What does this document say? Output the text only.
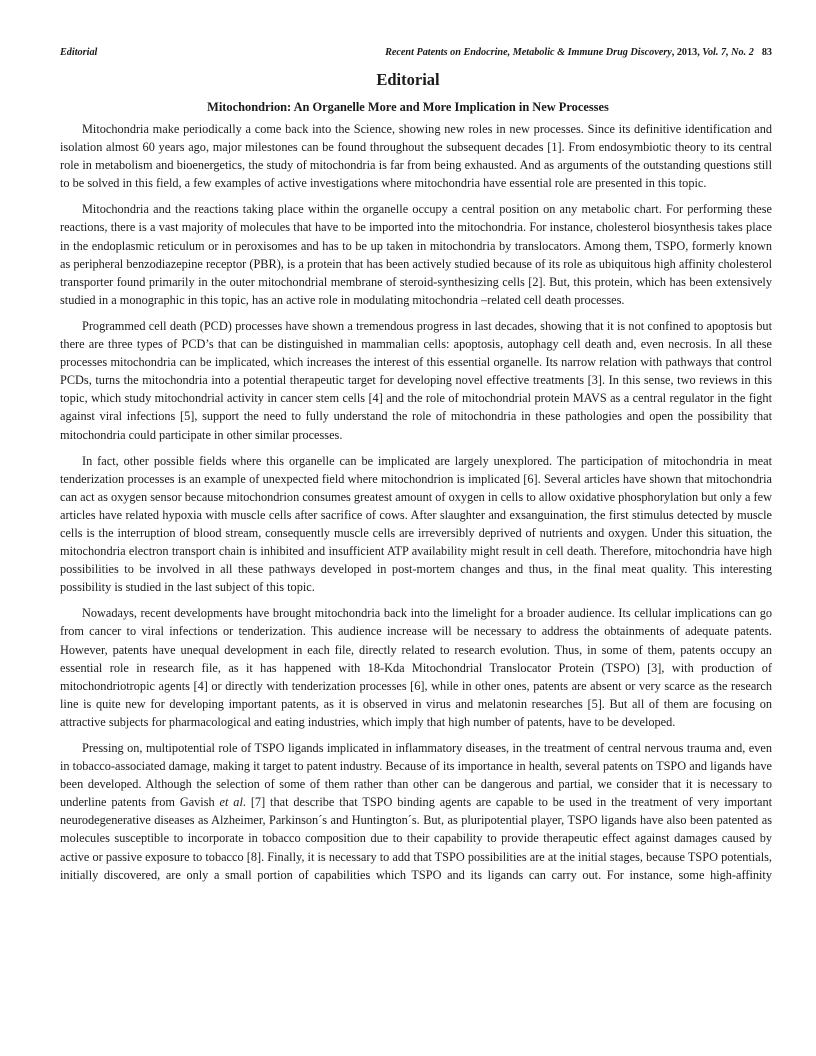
Editorial	Recent Patents on Endocrine, Metabolic & Immune Drug Discovery, 2013, Vol. 7, No. 2 83
Editorial
Mitochondrion: An Organelle More and More Implication in New Processes

Mitochondria make periodically a come back into the Science, showing new roles in new processes. Since its definitive identification and isolation almost 60 years ago, major milestones can be found throughout the subsequent decades [1]. From endosymbiotic theory to its central role in metabolism and bioenergetics, the study of mitochondria is far from being exhausted. And as arguments of the outstanding questions still to be solved in this field, a few examples of active investigations where mitochondria have essential role are presented in this topic.

Mitochondria and the reactions taking place within the organelle occupy a central position on any metabolic chart. For performing these reactions, there is a vast majority of molecules that have to be imported into the mitochondria. For instance, cholesterol biosynthesis takes place in the endoplasmic reticulum or in peroxisomes and has to be up taken in mitochondria by translocators. Among them, TSPO, formerly known as peripheral benzodiazepine receptor (PBR), is a protein that has been actively studied because of its role as ubiquitous high affinity cholesterol transporter found primarily in the outer mitochondrial membrane of steroid-synthesizing cells [2]. But, this protein, which has been extensively studied in a monographic in this topic, has an active role in modulating mitochondria –related cell death processes.

Programmed cell death (PCD) processes have shown a tremendous progress in last decades, showing that it is not confined to apoptosis but there are three types of PCD’s that can be distinguished in mammalian cells: apoptosis, autophagy cell death and, even necrosis. In all these processes mitochondria can be implicated, which increases the interest of this essential organelle. Its narrow relation with pathways that control PCDs, turns the mitochondria into a potential therapeutic target for developing novel effective treatments [3]. In this sense, two reviews in this topic, which study mitochondrial activity in cancer stem cells [4] and the role of mitochondrial protein MAVS as a central regulator in the fight against viral infections [5], support the need to fully understand the role of mitochondria in these pathologies and open the possibility that mitochondria could participate in other similar processes.

In fact, other possible fields where this organelle can be implicated are largely unexplored. The participation of mitochondria in meat tenderization processes is an example of unexpected field where mitochondrion is implicated [6]. Several articles have shown that mitochondria can act as oxygen sensor because mitochondrion consumes greatest amount of oxygen in cells to allow oxidative phosphorylation but only a few articles have related hypoxia with muscle cells after sacrifice of cows. After slaughter and exsanguination, the first stimulus detected by muscle cells is the interruption of blood stream, consequently muscle cells are irreversibly deprived of nutrients and oxygen. Under this situation, the mitochondria electron transport chain is inhibited and insufficient ATP availability might result in cell death. Therefore, mitochondria have high possibilities to be involved in all these pathways developed in post-mortem changes and thus, in the final meat quality. This interesting possibility is studied in the last subject of this topic.

Nowadays, recent developments have brought mitochondria back into the limelight for a broader audience. Its cellular implications can go from cancer to viral infections or tenderization. This audience increase will be necessary to address the obtainments of adequate patents. However, patents have unequal development in each file, directly related to research evolution. Thus, in some of them, patents occupy an essential role in research file, as it has happened with 18-Kda Mitochondrial Translocator Protein (TSPO) [3], with production of mitochondriotropic agents [4] or directly with tenderization processes [6], while in other ones, patents are absent or very scarce as the research line is quite new for developing important patents, as it is observed in virus and melatonin researches [5]. But all of them are focusing on attractive subjects for pharmacological and eating industries, which imply that high number of patents, have to be developed.

Pressing on, multipotential role of TSPO ligands implicated in inflammatory diseases, in the treatment of central nervous trauma and, even in tobacco-associated damage, making it target to patent industry. Because of its importance in health, several patents on TSPO and ligands have been developed. Although the selection of some of them rather than other can be dangerous and partial, we consider that it is necessary to underline patents from Gavish et al. [7] that describe that TSPO binding agents are capable to be used in the treatment of very important neurodegenerative diseases as Alzheimer, Parkinson´s and Huntington´s. But, as pluripotential player, TSPO ligands have also been patented as molecules susceptible to incorporate in tobacco composition due to their capability to provide therapeutic effect against damages caused by active or passive exposure to tobacco [8]. Finally, it is necessary to add that TSPO possibilities are at the initial stages, because TSPO potentials, initially discovered, are only a small portion of capabilities which TSPO and its ligands can carry out. For instance, some high-affinity
